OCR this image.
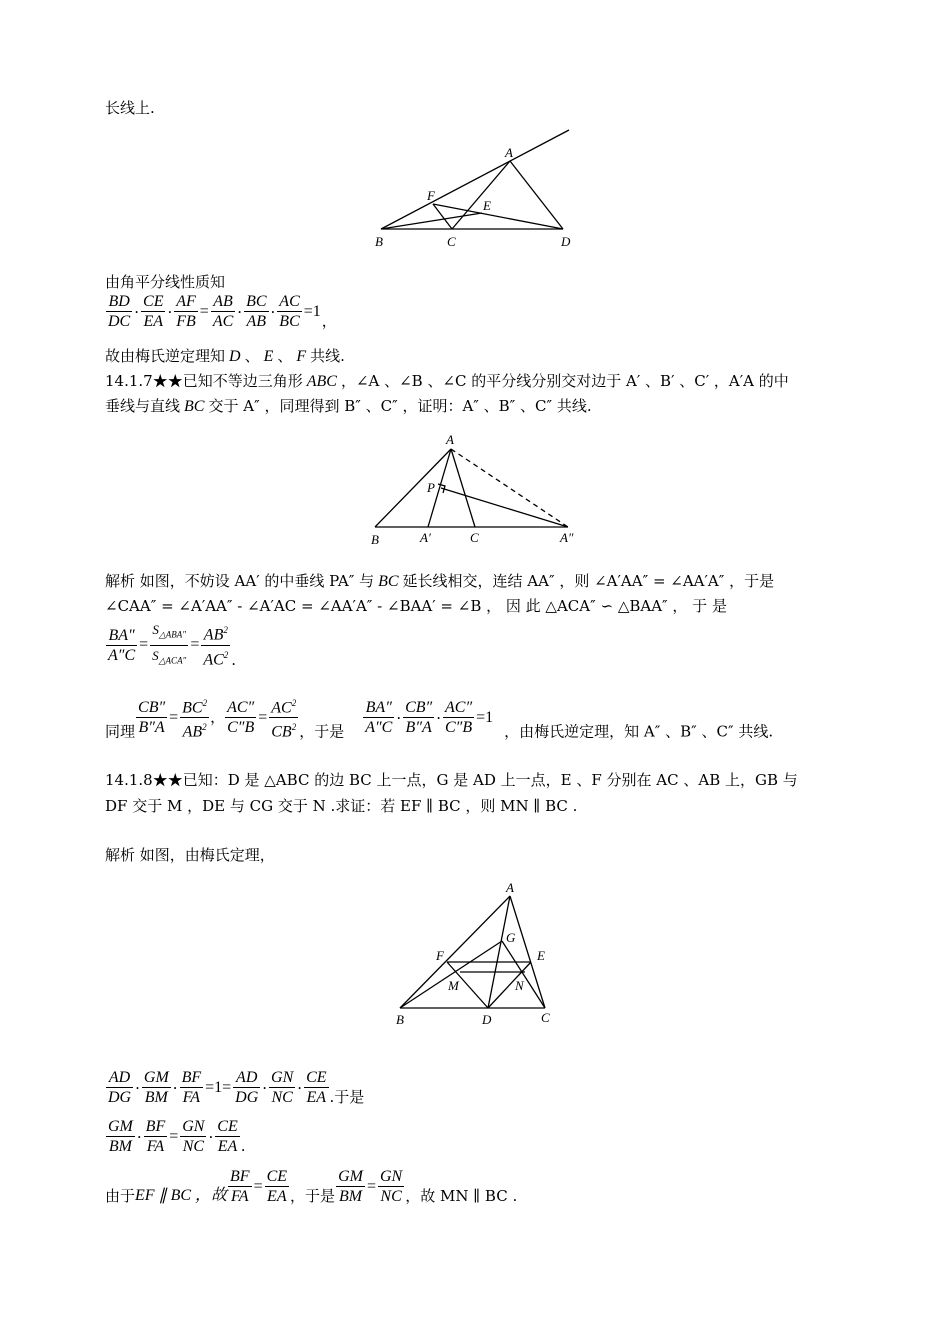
长线上.
A
B	C	D
E
F
由角平分线性质知
$\frac{BD}{DC} \cdot \frac{CE}{EA} \cdot \frac{AF}{FB} = \frac{AB}{AC} \cdot \frac{BC}{AB} \cdot \frac{AC}{BC} =1$，
故由梅氏逆定理知 D 、 E 、 F 共线.
14.1.7★★已知不等边三角形 ABC ，∠A 、∠B 、∠C 的平分线分别交对边于 A′ 、B′ 、C′ ，A′A 的中
垂线与直线 BC 交于 A″ ，同理得到 B″ 、C″ ，证明：A″ 、B″ 、C″ 共线.
A
B	C
P
A′	A″
解析 如图，不妨设 AA′ 的中垂线 PA″ 与 BC 延长线相交，连结 AA″ ，则 ∠A′AA″ = ∠AA′A″ ，于是
∠CAA″ = ∠A′AA″ - ∠A′AC = ∠AA′A″ - ∠BAA′ = ∠B ， 因 此 △ACA″ ∽ △BAA″ ， 于 是
$\frac{BA''}{A''C} = \frac{S_{\triangle ABA''}}{S_{\triangle ACA''}} = \frac{AB^2}{AC^2}$ .
同理 $\frac{CB''}{B''A} = \frac{BC^2}{AB^2}$ ， $\frac{AC''}{C''B} = \frac{AC^2}{CB^2}$ ，于是 $\frac{BA''}{A''C} \cdot \frac{CB''}{B''A} \cdot \frac{AC''}{C''B} =1$，由梅氏逆定理，知 A″ 、B″ 、C″ 共线.
14.1.8★★已知：D 是 △ABC 的边 BC 上一点，G 是 AD 上一点，E 、F 分别在 AC 、AB 上，GB 与
DF 交于 M ，DE 与 CG 交于 N .求证：若 EF ∥ BC ，则 MN ∥ BC .
解析 如图，由梅氏定理，
A
B	C
D
E
F
G
M	N
$\frac{AD}{DG} \cdot \frac{GM}{BM} \cdot \frac{BF}{FA} =1= \frac{AD}{DG} \cdot \frac{GN}{NC} \cdot \frac{CE}{EA}$ .于是
$\frac{GM}{BM} \cdot \frac{BF}{FA} = \frac{GN}{NC} \cdot \frac{CE}{EA}$ .
由于EF ∥ BC ，故 $\frac{BF}{FA} = \frac{CE}{EA}$ ，于是 $\frac{GM}{BM} = \frac{GN}{NC}$ ，故 MN ∥ BC .
